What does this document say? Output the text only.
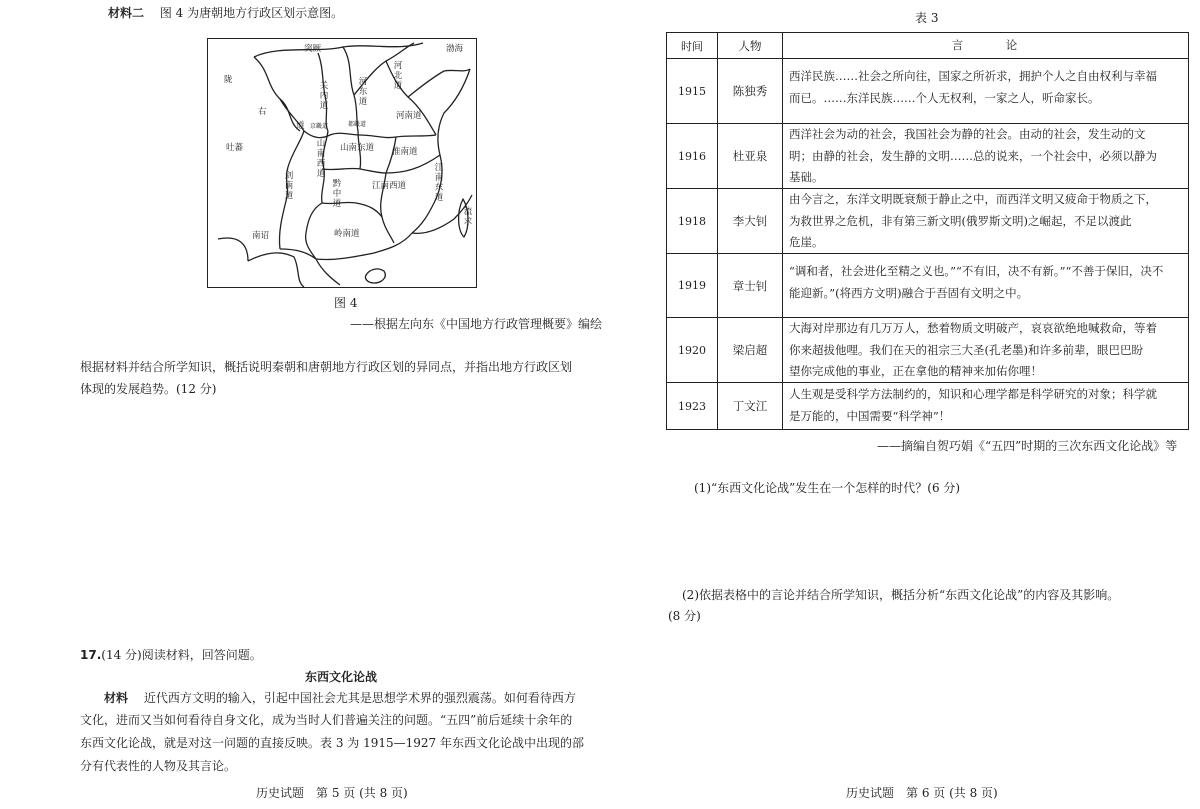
材料二 图 4 为唐朝地方行政区划示意图。
突厥	渤海
陇
右
道
关内道
河东道
河北道
河南道
京畿道	都畿道
吐蕃	山南东道
山南西道
淮南道
剑南道
黔中道
江南西道
江南东道
流求
南诏	岭南道
图 4
——根据左向东《中国地方行政管理概要》编绘
根据材料并结合所学知识，概括说明秦朝和唐朝地方行政区划的异同点，并指出地方行政区划
体现的发展趋势。(12 分)
17.(14 分)阅读材料，回答问题。
东西文化论战
材料 近代西方文明的输入，引起中国社会尤其是思想学术界的强烈震荡。如何看待西方
文化，进而又当如何看待自身文化，成为当时人们普遍关注的问题。“五四”前后延续十余年的
东西文化论战，就是对这一问题的直接反映。表 3 为 1915—1927 年东西文化论战中出现的部
分有代表性的人物及其言论。
历史试题　第 5 页 (共 8 页)
表 3
时间	人物	言　　　论
1915	陈独秀
西洋民族……社会之所向往，国家之所祈求，拥护个人之自由权利与幸福
而已。……东洋民族……个人无权利，一家之人，听命家长。
1916	杜亚泉
西洋社会为动的社会，我国社会为静的社会。由动的社会，发生动的文
明；由静的社会，发生静的文明……总的说来，一个社会中，必须以静为
基础。
1918	李大钊
由今言之，东洋文明既衰颓于静止之中，而西洋文明又疲命于物质之下，
为救世界之危机，非有第三新文明(俄罗斯文明)之崛起，不足以渡此
危崖。
1919	章士钊
“调和者，社会进化至精之义也。”“不有旧，决不有新。”“不善于保旧，决不
能迎新。”(将西方文明)融合于吾固有文明之中。
1920	梁启超
大海对岸那边有几万万人，愁着物质文明破产，哀哀欲绝地喊救命，等着
你来超拔他哩。我们在天的祖宗三大圣(孔老墨)和许多前辈，眼巴巴盼
望你完成他的事业，正在拿他的精神来加佑你哩！
1923	丁文江
人生观是受科学方法制约的，知识和心理学都是科学研究的对象；科学就
是万能的，中国需要“科学神”！
——摘编自贺巧娟《“五四”时期的三次东西文化论战》等
(1)“东西文化论战”发生在一个怎样的时代？(6 分)
(2)依据表格中的言论并结合所学知识，概括分析“东西文化论战”的内容及其影响。
(8 分)
历史试题　第 6 页 (共 8 页)
